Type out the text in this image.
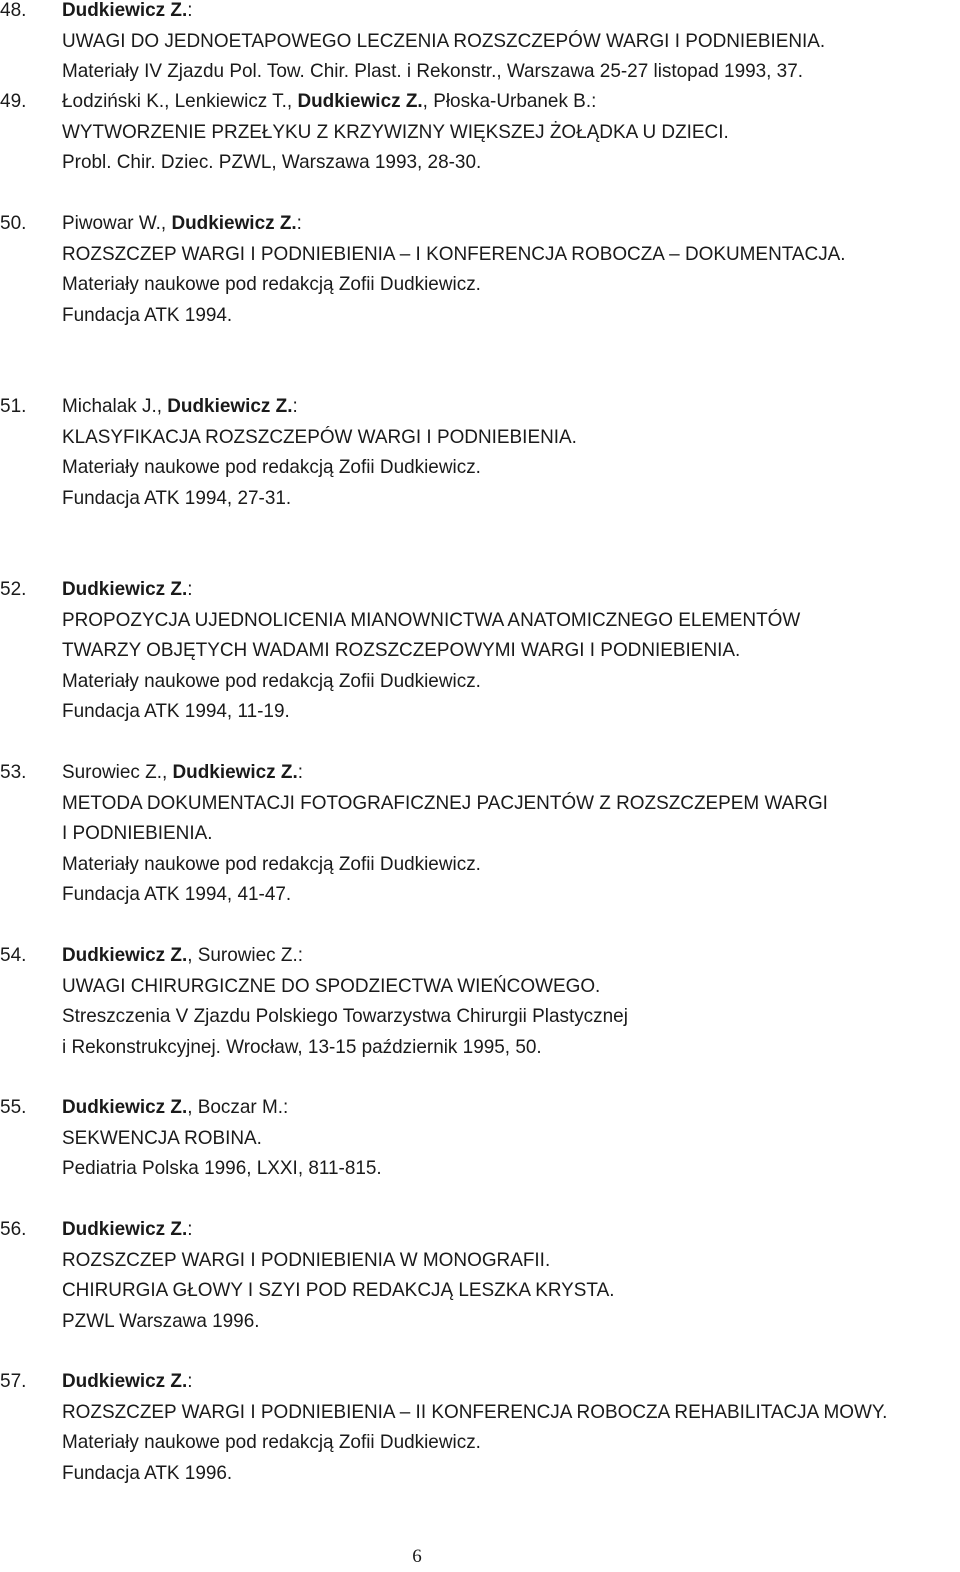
48.	Dudkiewicz Z.:
UWAGI DO JEDNOETAPOWEGO LECZENIA ROZSZCZEPÓW WARGI I PODNIEBIENIA.
Materiały IV Zjazdu Pol. Tow. Chir. Plast. i Rekonstr., Warszawa 25-27 listopad 1993, 37.
49.	Łodziński K., Lenkiewicz T., Dudkiewicz Z., Płoska-Urbanek B.:
WYTWORZENIE PRZEŁYKU Z KRZYWIZNY WIĘKSZEJ ŻOŁĄDKA U DZIECI.
Probl. Chir. Dziec. PZWL, Warszawa 1993, 28-30.
50.	Piwowar W., Dudkiewicz Z.:
ROZSZCZEP WARGI I PODNIEBIENIA – I KONFERENCJA ROBOCZA – DOKUMENTACJA.
Materiały naukowe pod redakcją Zofii Dudkiewicz.
Fundacja ATK 1994.
51.	Michalak J., Dudkiewicz Z.:
KLASYFIKACJA ROZSZCZEPÓW WARGI I PODNIEBIENIA.
Materiały naukowe pod redakcją Zofii Dudkiewicz.
Fundacja ATK 1994, 27-31.
52.	Dudkiewicz Z.:
PROPOZYCJA UJEDNOLICENIA MIANOWNICTWA ANATOMICZNEGO ELEMENTÓW
TWARZY OBJĘTYCH WADAMI ROZSZCZEPOWYMI WARGI I PODNIEBIENIA.
Materiały naukowe pod redakcją Zofii Dudkiewicz.
Fundacja ATK 1994, 11-19.
53.	Surowiec Z., Dudkiewicz Z.:
METODA DOKUMENTACJI FOTOGRAFICZNEJ PACJENTÓW Z ROZSZCZEPEM WARGI
I PODNIEBIENIA.
Materiały naukowe pod redakcją Zofii Dudkiewicz.
Fundacja ATK 1994, 41-47.
54.	Dudkiewicz Z., Surowiec Z.:
UWAGI CHIRURGICZNE DO SPODZIECTWA WIEŃCOWEGO.
Streszczenia V Zjazdu Polskiego Towarzystwa Chirurgii Plastycznej
i Rekonstrukcyjnej. Wrocław, 13-15 październik 1995, 50.
55.	Dudkiewicz Z., Boczar M.:
SEKWENCJA ROBINA.
Pediatria Polska 1996, LXXI, 811-815.
56.	Dudkiewicz Z.:
ROZSZCZEP WARGI I PODNIEBIENIA W MONOGRAFII.
CHIRURGIA GŁOWY I SZYI POD REDAKCJĄ LESZKA KRYSTA.
PZWL Warszawa 1996.
57.	Dudkiewicz Z.:
ROZSZCZEP WARGI I PODNIEBIENIA – II KONFERENCJA ROBOCZA REHABILITACJA MOWY.
Materiały naukowe pod redakcją Zofii Dudkiewicz.
Fundacja ATK 1996.
6
